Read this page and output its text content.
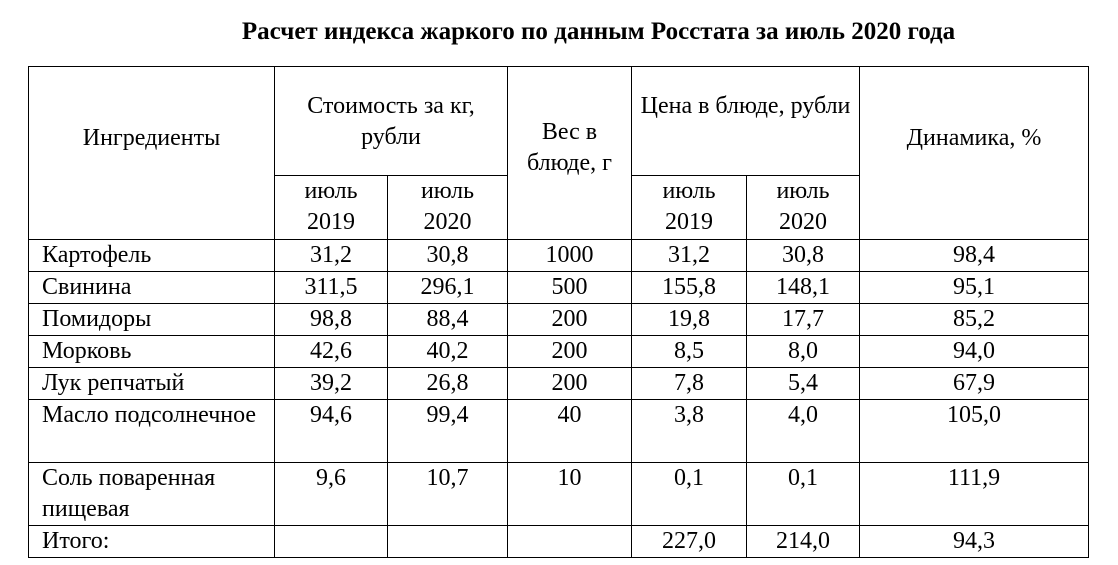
Расчет индекса жаркого по данным Росстата за июль 2020 года
Ингредиенты	Стоимость за кг, рубли		Вес в блюде, г	Цена в блюде, рубли		Динамика, %
	июль 2019	июль 2020		июль 2019	июль 2020	
Картофель	31,2	30,8	1000	31,2	30,8	98,4
Свинина	311,5	296,1	500	155,8	148,1	95,1
Помидоры	98,8	88,4	200	19,8	17,7	85,2
Морковь	42,6	40,2	200	8,5	8,0	94,0
Лук репчатый	39,2	26,8	200	7,8	5,4	67,9
Масло подсолнечное	94,6	99,4	40	3,8	4,0	105,0
Соль поваренная пищевая	9,6	10,7	10	0,1	0,1	111,9
Итого:				227,0	214,0	94,3
